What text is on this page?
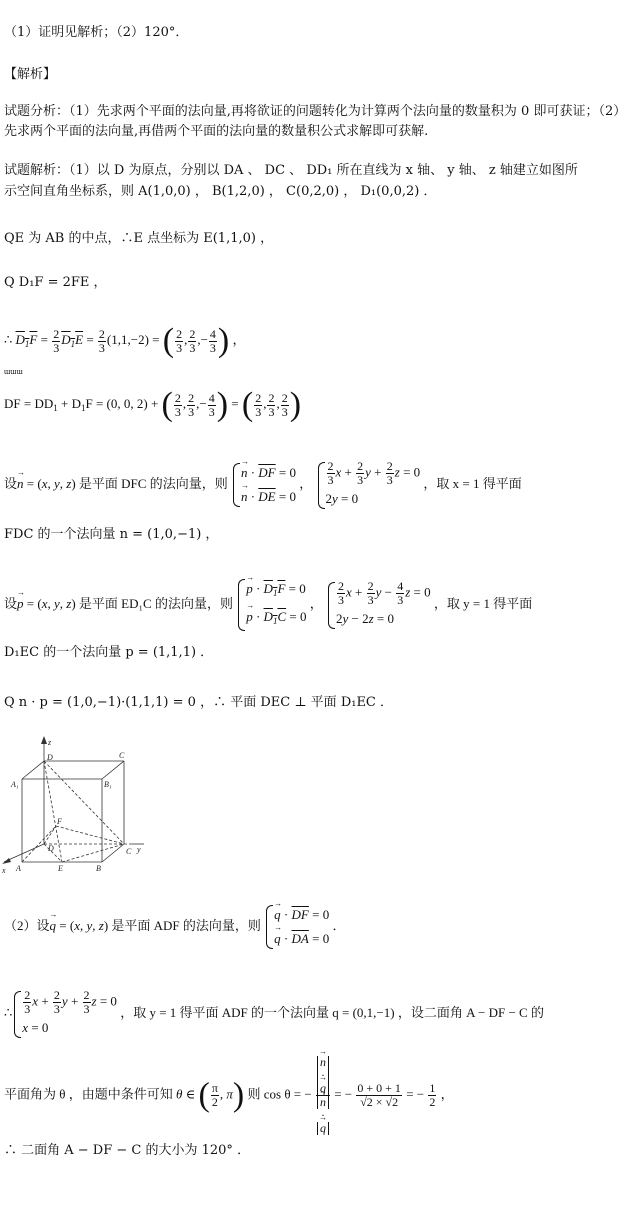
（1）证明见解析；（2）120°．
【解析】
试题分析：（1）先求两个平面的法向量,再将欲证的问题转化为计算两个法向量的数量积为 0 即可获证；（2）先求两个平面的法向量,再借两个平面的法向量的数量积公式求解即可获解.
试题解析：（1）以 D 为原点，分别以 DA 、 DC 、 DD₁ 所在直线为 x 轴、 y 轴、 z 轴建立如图所
示空间直角坐标系，则 A(1,0,0) ， B(1,2,0) ， C(0,2,0) ， D₁(0,0,2) ．
QE 为 AB 的中点，∴E 点坐标为 E(1,1,0) ，
Q D₁F = 2FE ，
∴ $D_1F = \frac{2}{3} D_1E = \frac{2}{3} (1,1,-2)$ = ( $\frac{2}{3}$ , $\frac{2}{3}$ ,− $\frac{4}{3}$ ) ，
ɯɯɯ
DF = $DD_1 + D_1F = (0$, 0, 2) + ( $\frac{2}{3}$ , $\frac{2}{3}$ ,− $\frac{4}{3}$ ) = ( $\frac{2}{3}$ , $\frac{2}{3}$ , $\frac{2}{3}$ )
设→ n = (x, y, z) 是平面 DFC 的法向量，则
→ $n \cdot \overline{DF} = 0$
→ $n \cdot \overline{DE} = 0$
， $\frac{2}{3}$ $x + \frac{2}{3}$ $y + \frac{2}{3}$ z = 0
2y = 0
，取 x = 1 得平面
FDC 的一个法向量 n = (1,0,−1) ，
设→ p = (x, y, z) 是平面 ED₁C 的法向量，则
→ $p \cdot D_1F = 0$
→ $p \cdot D_1C = 0$
， $\frac{2}{3}$ $x + \frac{2}{3}$ $y - \frac{4}{3}$ z = 0
2y − 2z = 0
，取 y = 1 得平面
D₁EC 的一个法向量 p = (1,1,1) ．
Q n · p = (1,0,−1)·(1,1,1) = 0 ，∴ 平面 DEC ⊥ 平面 D₁EC ．
z
y
x
D	C
A₁	B₁
F
D	C
A	E	B
（2）设→ q = (x, y, z) 是平面 ADF 的法向量，则
→ $q \cdot \overline{DF} = 0$
→ $q \cdot \overline{DA} = 0$
．
∴ $\frac{2}{3}$ $x + \frac{2}{3}$ $y + \frac{2}{3}$ z = 0
x = 0
，取 y = 1 得平面 ADF 的一个法向量 q = (0,1,−1) ，设二面角 A − DF − C 的
平面角为 θ ，由题中条件可知 θ ∈ ( $\frac{\pi}{2}$ , π) 则 cos θ = − → n
·
→ q
→ n
·
→ q = − $\frac{0 + 0 + 1}{√2 \times √2}$ = − $\frac{1}{2}$ ，
∴ 二面角 A − DF − C 的大小为 120° ．
